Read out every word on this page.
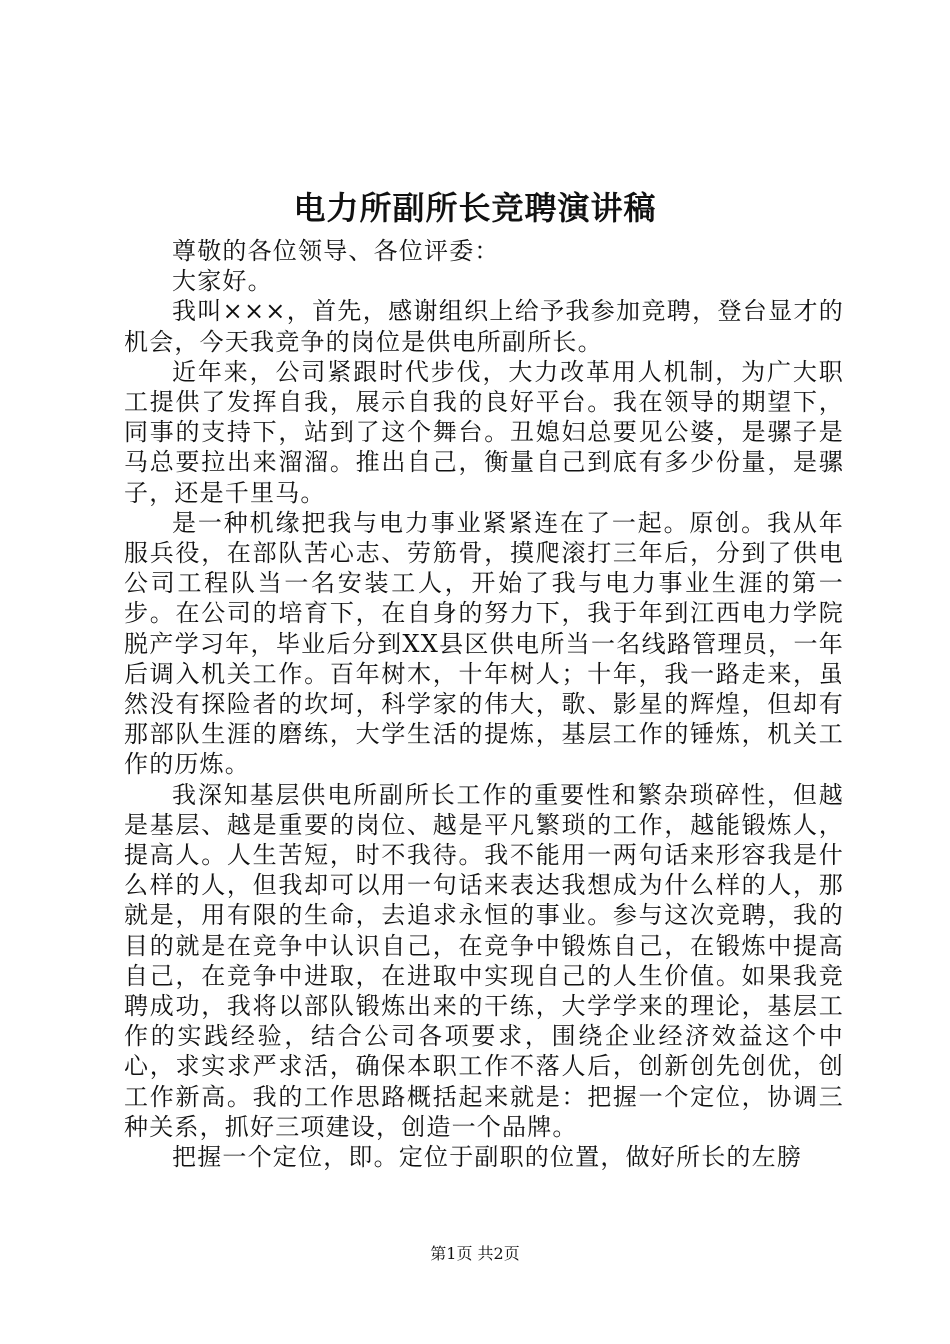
电力所副所长竞聘演讲稿

尊敬的各位领导、各位评委：

大家好。

我叫×××，首先，感谢组织上给予我参加竞聘，登台显才的机会，今天我竞争的岗位是供电所副所长。

近年来，公司紧跟时代步伐，大力改革用人机制，为广大职工提供了发挥自我，展示自我的良好平台。我在领导的期望下，同事的支持下，站到了这个舞台。丑媳妇总要见公婆，是骡子是马总要拉出来溜溜。推出自己，衡量自己到底有多少份量，是骡子，还是千里马。

是一种机缘把我与电力事业紧紧连在了一起。原创。我从年服兵役，在部队苦心志、劳筋骨，摸爬滚打三年后，分到了供电公司工程队当一名安装工人，开始了我与电力事业生涯的第一步。在公司的培育下，在自身的努力下，我于年到江西电力学院脱产学习年，毕业后分到XX县区供电所当一名线路管理员，一年后调入机关工作。百年树木，十年树人；十年，我一路走来，虽然没有探险者的坎坷，科学家的伟大，歌、影星的辉煌，但却有那部队生涯的磨练，大学生活的提炼，基层工作的锤炼，机关工作的历炼。

我深知基层供电所副所长工作的重要性和繁杂琐碎性，但越是基层、越是重要的岗位、越是平凡繁琐的工作，越能锻炼人，提高人。人生苦短，时不我待。我不能用一两句话来形容我是什么样的人，但我却可以用一句话来表达我想成为什么样的人，那就是，用有限的生命，去追求永恒的事业。参与这次竞聘，我的目的就是在竞争中认识自己，在竞争中锻炼自己，在锻炼中提高自己，在竞争中进取，在进取中实现自己的人生价值。如果我竞聘成功，我将以部队锻炼出来的干练，大学学来的理论，基层工作的实践经验，结合公司各项要求，围绕企业经济效益这个中心，求实求严求活，确保本职工作不落人后，创新创先创优，创工作新高。我的工作思路概括起来就是：把握一个定位，协调三种关系，抓好三项建设，创造一个品牌。

把握一个定位，即。定位于副职的位置，做好所长的左膀

第1页 共2页
